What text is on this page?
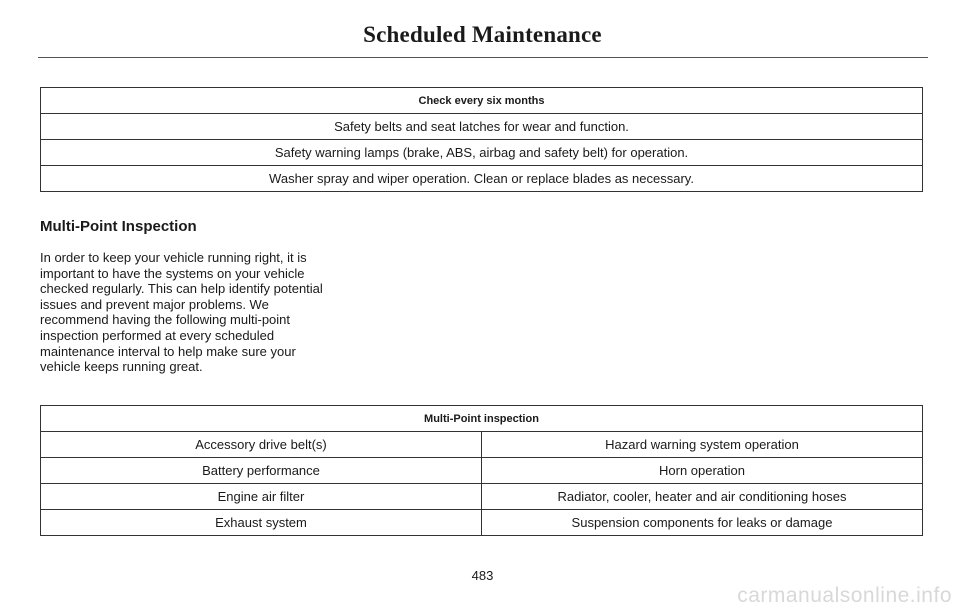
Scheduled Maintenance
Check every six months
Safety belts and seat latches for wear and function.
Safety warning lamps (brake, ABS, airbag and safety belt) for operation.
Washer spray and wiper operation. Clean or replace blades as necessary.
Multi-Point Inspection

In order to keep your vehicle running right, it is important to have the systems on your vehicle checked regularly. This can help identify potential issues and prevent major problems. We recommend having the following multi-point inspection performed at every scheduled maintenance interval to help make sure your vehicle keeps running great.

Multi-Point inspection	
Accessory drive belt(s)	Hazard warning system operation
Battery performance	Horn operation
Engine air filter	Radiator, cooler, heater and air conditioning hoses
Exhaust system	Suspension components for leaks or damage
483
carmanualsonline.info
